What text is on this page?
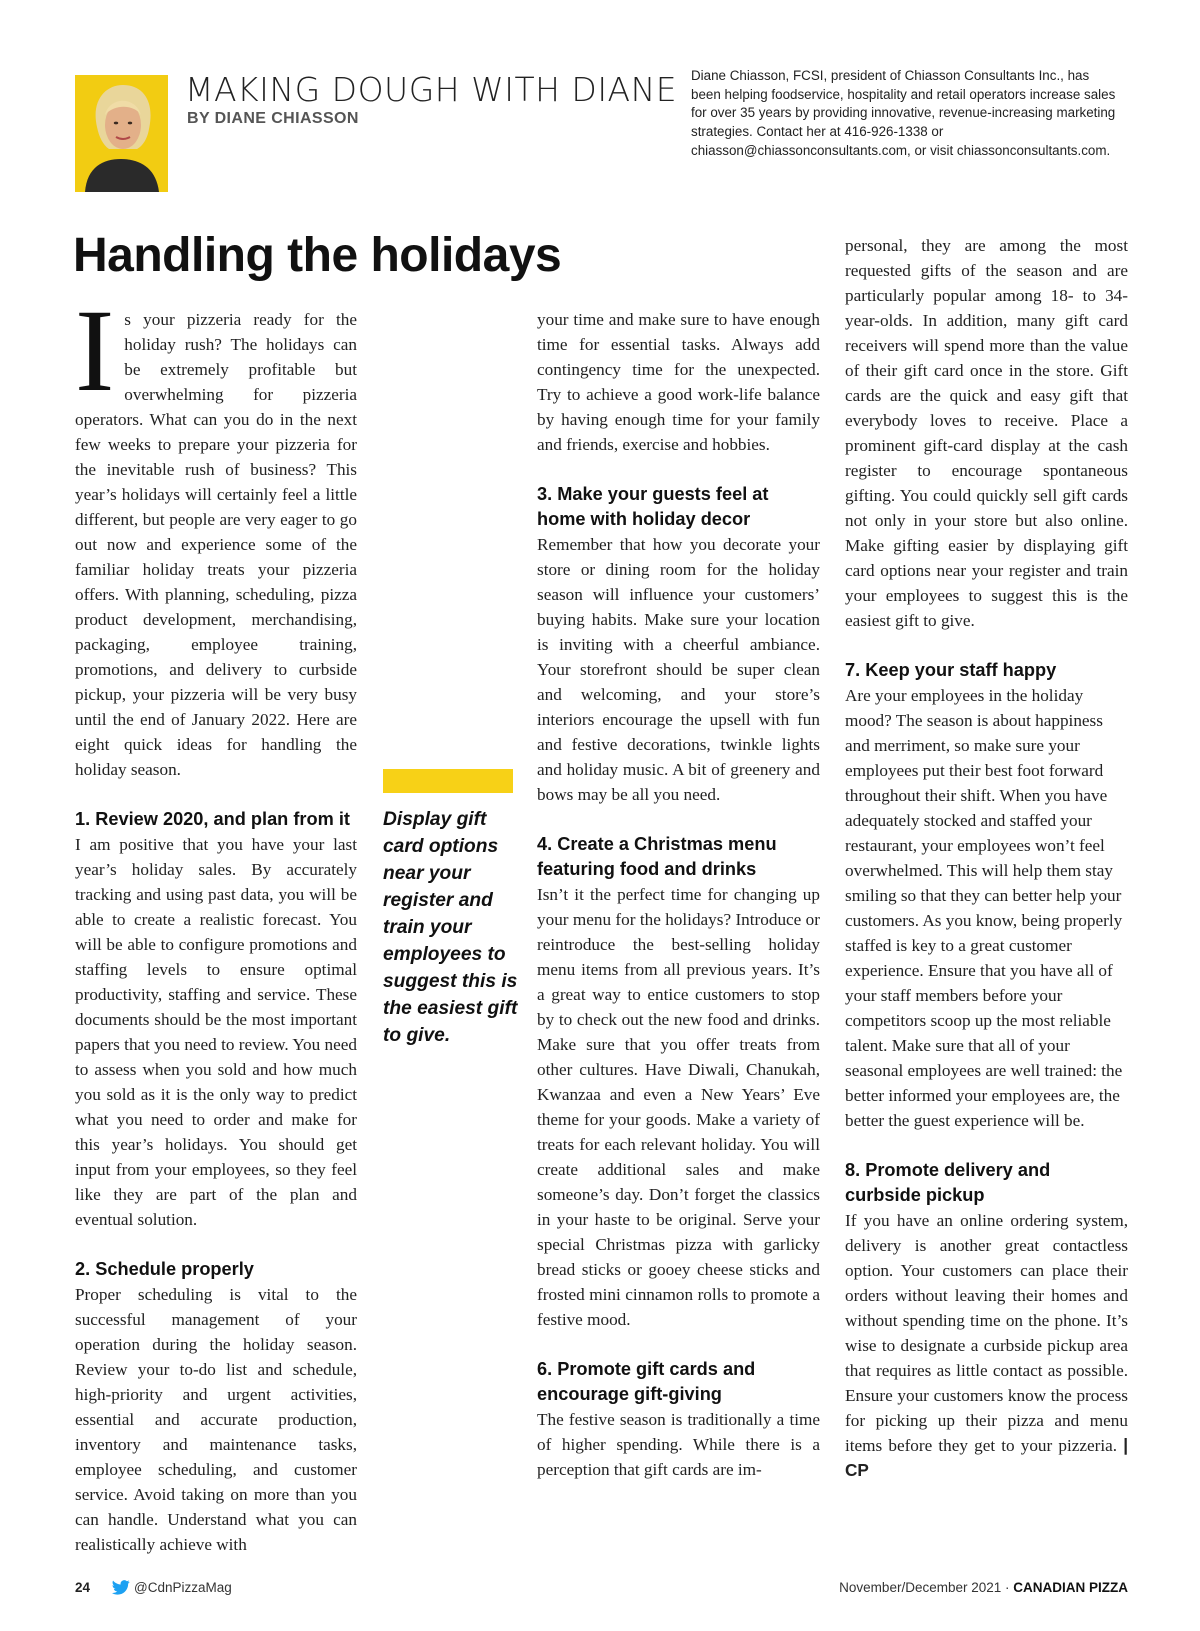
MAKING DOUGH WITH DIANE
BY DIANE CHIASSON
Diane Chiasson, FCSI, president of Chiasson Consultants Inc., has been helping foodservice, hospitality and retail operators increase sales for over 35 years by providing innovative, revenue-increasing marketing strategies. Contact her at 416-926-1338 or chiasson@chiassonconsultants.com, or visit chiassonconsultants.com.
Handling the holidays

Is your pizzeria ready for the holiday rush? The holidays can be extremely profitable but overwhelming for pizzeria operators. What can you do in the next few weeks to prepare your pizzeria for the inevitable rush of business? This year’s holidays will certainly feel a little different, but people are very eager to go out now and experience some of the familiar holiday treats your pizzeria offers. With planning, scheduling, pizza product development, merchandising, packaging, employee training, promotions, and delivery to curbside pickup, your pizzeria will be very busy until the end of January 2022. Here are eight quick ideas for handling the holiday season.

1. Review 2020, and plan from it

I am positive that you have your last year’s holiday sales. By accurately tracking and using past data, you will be able to create a realistic forecast. You will be able to configure promotions and staffing levels to ensure optimal productivity, staffing and service. These documents should be the most important papers that you need to review. You need to assess when you sold and how much you sold as it is the only way to predict what you need to order and make for this year’s holidays. You should get input from your employees, so they feel like they are part of the plan and eventual solution.

2. Schedule properly

Proper scheduling is vital to the successful management of your operation during the holiday season. Review your to-do list and schedule, high-priority and urgent activities, essential and accurate production, inventory and maintenance tasks, employee scheduling, and customer service. Avoid taking on more than you can handle. Understand what you can realistically achieve with

Display gift card options near your register and train your employees to suggest this is the easiest gift to give.

your time and make sure to have enough time for essential tasks. Always add contingency time for the unexpected. Try to achieve a good work-life balance by having enough time for your family and friends, exercise and hobbies.

3. Make your guests feel at home with holiday decor

Remember that how you decorate your store or dining room for the holiday season will influence your customers’ buying habits. Make sure your location is inviting with a cheerful ambiance. Your storefront should be super clean and welcoming, and your store’s interiors encourage the upsell with fun and festive decorations, twinkle lights and holiday music. A bit of greenery and bows may be all you need.

4. Create a Christmas menu featuring food and drinks

Isn’t it the perfect time for changing up your menu for the holidays? Introduce or reintroduce the best-selling holiday menu items from all previous years. It’s a great way to entice customers to stop by to check out the new food and drinks. Make sure that you offer treats from other cultures. Have Diwali, Chanukah, Kwanzaa and even a New Years’ Eve theme for your goods. Make a variety of treats for each relevant holiday. You will create additional sales and make someone’s day. Don’t forget the classics in your haste to be original. Serve your special Christmas pizza with garlicky bread sticks or gooey cheese sticks and frosted mini cinnamon rolls to promote a festive mood.

6. Promote gift cards and encourage gift-giving

The festive season is traditionally a time of higher spending. While there is a perception that gift cards are im-

personal, they are among the most requested gifts of the season and are particularly popular among 18- to 34-year-olds. In addition, many gift card receivers will spend more than the value of their gift card once in the store. Gift cards are the quick and easy gift that everybody loves to receive. Place a prominent gift-card display at the cash register to encourage spontaneous gifting. You could quickly sell gift cards not only in your store but also online. Make gifting easier by displaying gift card options near your register and train your employees to suggest this is the easiest gift to give.

7. Keep your staff happy

Are your employees in the holiday mood? The season is about happiness and merriment, so make sure your employees put their best foot forward throughout their shift. When you have adequately stocked and staffed your restaurant, your employees won’t feel overwhelmed. This will help them stay smiling so that they can better help your customers. As you know, being properly staffed is key to a great customer experience. Ensure that you have all of your staff members before your competitors scoop up the most reliable talent. Make sure that all of your seasonal employees are well trained: the better informed your employees are, the better the guest experience will be.

8. Promote delivery and curbside pickup

If you have an online ordering system, delivery is another great contactless option. Your customers can place their orders without leaving their homes and without spending time on the phone. It’s wise to designate a curbside pickup area that requires as little contact as possible. Ensure your customers know the process for picking up their pizza and menu items before they get to your pizzeria. | CP

24	@CdnPizzaMag	November/December 2021 · CANADIAN PIZZA
